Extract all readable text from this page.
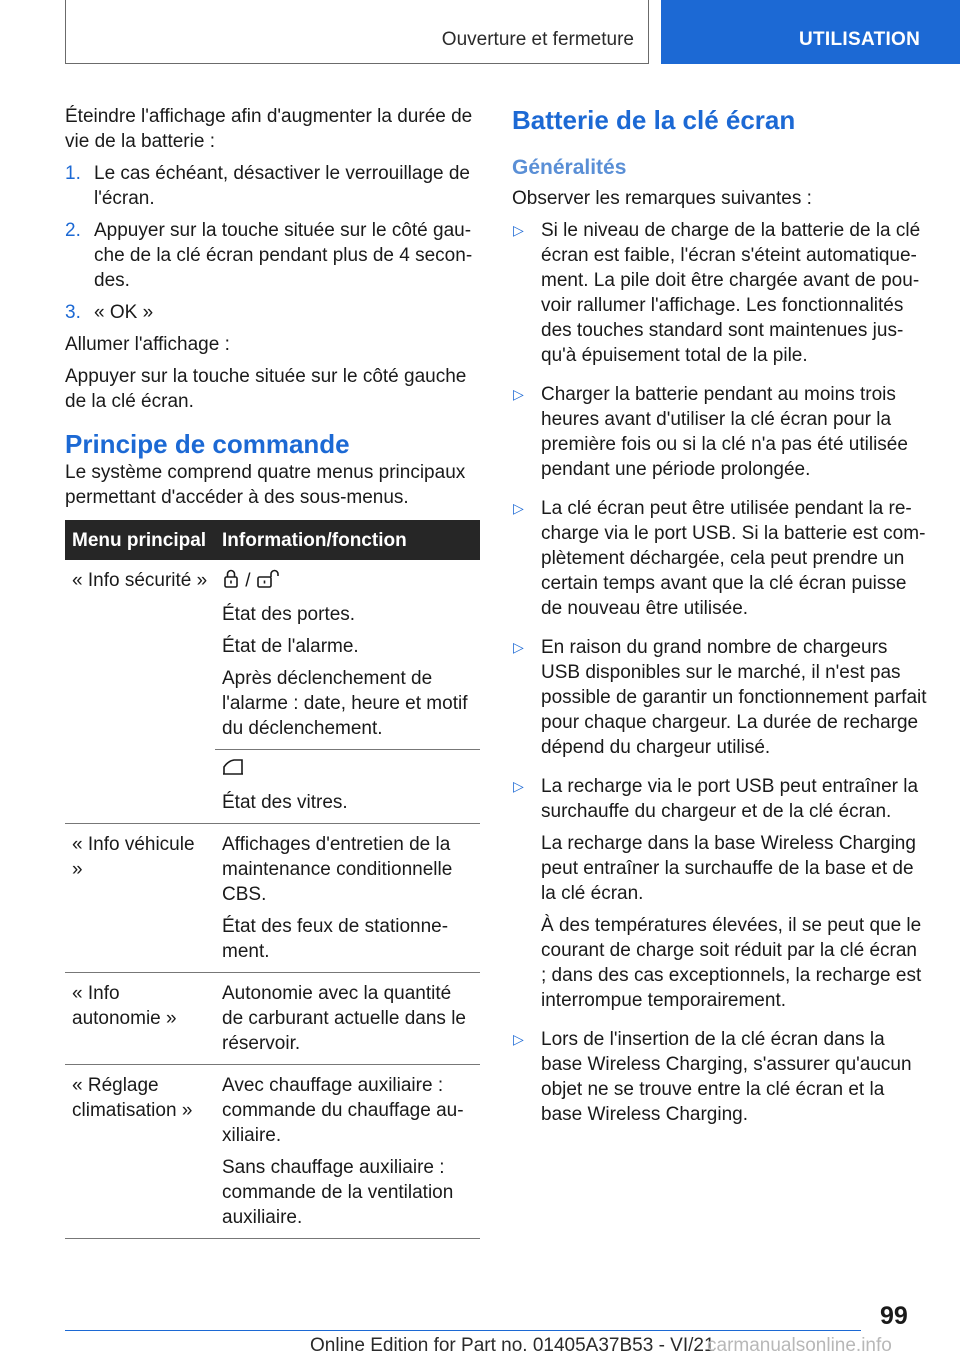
Ouverture et fermeture	UTILISATION

Éteindre l'affichage afin d'augmenter la durée de vie de la batterie :

1. Le cas échéant, désactiver le verrouillage de l'écran.
2. Appuyer sur la touche située sur le côté gauche de la clé écran pendant plus de 4 secondes.
3. « OK »

Allumer l'affichage :

Appuyer sur la touche située sur le côté gauche de la clé écran.

Principe de commande

Le système comprend quatre menus principaux permettant d'accéder à des sous-menus.

Menu principal	Information/fonction
« Info sécurité »	/

État des portes.

État de l'alarme.

Après déclenchement de l'alarme : date, heure et motif du déclenchement.

État des vitres.

« Info véhicule »	Affichages d'entretien de la maintenance conditionnelle CBS.

État des feux de stationnement.

« Info autonomie »	Autonomie avec la quantité de carburant actuelle dans le réservoir.

« Réglage climatisation »	Avec chauffage auxiliaire : commande du chauffage auxiliaire.

Sans chauffage auxiliaire : commande de la ventilation auxiliaire.

Batterie de la clé écran
Généralités

Observer les remarques suivantes :

▷ Si le niveau de charge de la batterie de la clé écran est faible, l'écran s'éteint automatiquement. La pile doit être chargée avant de pouvoir rallumer l'affichage. Les fonctionnalités des touches standard sont maintenues jusqu'à épuisement total de la pile.

▷ Charger la batterie pendant au moins trois heures avant d'utiliser la clé écran pour la première fois ou si la clé n'a pas été utilisée pendant une période prolongée.

▷ La clé écran peut être utilisée pendant la recharge via le port USB. Si la batterie est complètement déchargée, cela peut prendre un certain temps avant que la clé écran puisse de nouveau être utilisée.

▷ En raison du grand nombre de chargeurs USB disponibles sur le marché, il n'est pas possible de garantir un fonctionnement parfait pour chaque chargeur. La durée de recharge dépend du chargeur utilisé.

▷ La recharge via le port USB peut entraîner la surchauffe du chargeur et de la clé écran.

La recharge dans la base Wireless Charging peut entraîner la surchauffe de la base et de la clé écran.

À des températures élevées, il se peut que le courant de charge soit réduit par la clé écran ; dans des cas exceptionnels, la recharge est interrompue temporairement.

▷ Lors de l'insertion de la clé écran dans la base Wireless Charging, s'assurer qu'aucun objet ne se trouve entre la clé écran et la base Wireless Charging.

99
Online Edition for Part no. 01405A37B53 - VI/21
carmanualsonline.info
